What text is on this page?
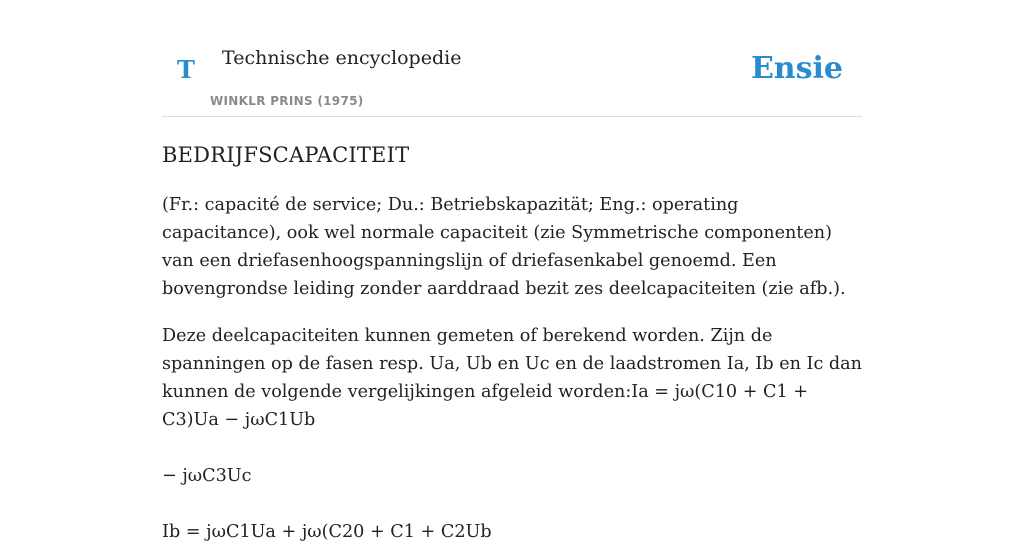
T Technische encyclopedie
WINKLR PRINS (1975)
Ensie
BEDRIJFSCAPACITEIT

(Fr.: capacité de service; Du.: Betriebskapazität; Eng.: operating capacitance), ook wel normale capaciteit (zie Symmetrische componenten) van een driefasenhoogspanningslijn of driefasenkabel genoemd. Een bovengrondse leiding zonder aarddraad bezit zes deelcapaciteiten (zie afb.).

Deze deelcapaciteiten kunnen gemeten of berekend worden. Zijn de spanningen op de fasen resp. Ua, Ub en Uc en de laadstromen Ia, Ib en Ic dan kunnen de volgende vergelijkingen afgeleid worden:Ia = jω(C10 + C1 + C3)Ua − jωC1Ub

− jωC3Uc

Ib = jωC1Ua + jω(C20 + C1 + C2Ub
